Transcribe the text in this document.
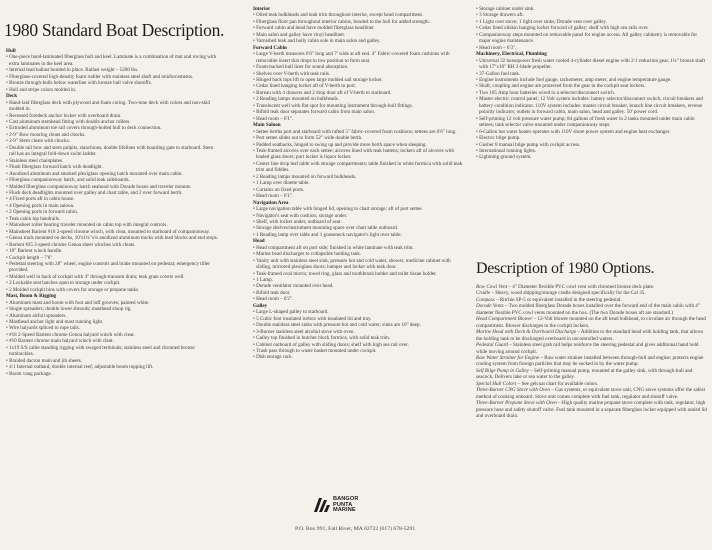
1980 Standard Boat Description.

Hull

• One-piece hand-laminated fiberglass hull and keel. Laminate is a combination of mat and roving with extra laminates in the keel area.

• Internal lead ballast bonded in place. Ballast weight – 5200 lbs.

• Fiberglass-covered high-density foam rudder with stainless steel shaft and reinforcements.

• Bronze through-hulls below waterline with bronze ball valve shutoffs.

• Hull and stripe colors molded in.

Deck

• Hand-laid fiberglass deck with plywood and foam coring. Two-tone deck with colors and non-skid molded in.

• Recessed foredeck anchor locker with overboard drain.

• Cast aluminum stemhead fitting with double anchor rollers.

• Extruded aluminum toe rail covers through-bolted hull to deck connection.

• 2-9" Bow mooring cleats and chocks.

• 2-9" Stern cleats with chocks.

• Double rail bow and stern pulpits, stanchions, double lifelines with boarding gate to starboard. Stern rail has an integral fold-down swim ladder.

• Stainless steel chainplates.

• Flush fiberglass forward hatch with deadlight.

• Anodized aluminum and smoked plexiglass opening hatch mounted over main cabin.

• Fiberglass companionway hatch, and solid teak sideboards.

• Molded fiberglass companionway hatch seahood with Dorade boxes and traveler mounts.

• Flush deck deadlights mounted over galley and chart table, and 2 over forward berth.

• 4 Fixed ports aft in cabin house.

• 4 Opening ports in main saloon.

• 2 Opening ports in forward cabin.

• Teak cabin top handrails.

• Mainsheet roller bearing traveler mounted on cabin top with integral controls.

• Mainsheet Barient #18 2-speed chrome winch, with cleat, mounted to starboard of companionway.

• Genoa track mounted on decks, 10'x1¼"x¼ anodized aluminum tracks with lead blocks and end stops.

• Barient #25 2-speed chrome Genoa sheet winches with cleats.

• 10" Barient winch handle.

• Cockpit length – 7'6".

• Pedestal steering with 28" wheel, engine controls and brake mounted on pedestal; emergency tiller provided.

• Molded well in back of cockpit with 4" through-transom drain; teak grate covers well.

• 2 Lockable seat hatches open to storage under cockpit.

• 2 Molded cockpit bins with covers for storage or propane tanks.

Mast, Boom & Rigging

• Aluminum mast and boom with foot and luff grooves; painted white.

• Single spreaders; double lower shrouds; masthead sloop rig.

• Aluminum airfoil spreaders.

• Masthead anchor light and mast running light.

• Wire halyards spliced to rope tails.

• #18 2-Speed Barient chrome Genoa halyard winch with cleat.

• #10 Barient chrome main halyard winch with cleat.

• 1x19 S/S cable standing rigging with swaged terminals; stainless steel and chromed bronze turnbuckles.

• Braided dacron main and jib sheets.

• 4:1 Internal outhaul; double internal reef; adjustable boom topping lift.

• Boom vang package.

Interior

• Oiled teak bulkheads and teak trim throughout interior, except head compartment.

• Fiberglass floor pan throughout interior cabins, bonded to the hull for added strength.

• Forward cabin and head have molded fiberglass headliner.

• Main salon and galley have vinyl headliner.

• Varnished teak and holly cabin sole in main salon and galley.

Forward Cabin

• Large V-berth measures 6'6" long and 7' wide at aft end. 4" Fabric-covered foam cushions with removable insert that drops to low position to form seat.

• Foam-backed hull liner for sound absorption.

• Shelves over V-berth with teak rails.

• Hinged back tops lift to open large molded sail storage locker.

• Cedar lined hanging locker aft of V-berth to port.

• Bureau with 4 drawers and 2 drop door aft of V-berth to starboard.

• 2 Reading lamps mounted on bulkheads.

• Translucent well with flat spot for mounting instrument through-hull fittings.

• Bifold teak door separates forward cabin from main salon.

• Head room – 6'1".

Main Saloon

• Settee berths port and starboard with tufted 5" fabric-covered foam cushions; settees are 6'6" long.

• Port settee slides out to form 52" wide double berth.

• Padded seatbacks, hinged to swing up and provide more berth space when sleeping.

• Teak-framed alcoves over each settee; alcoves lined with teak battens; lockers aft of alcoves with leaded glass doors; port locker is liquor locker.

• Center line drop leaf table with storage compartments; table finished in white formica with solid teak trim and fiddles.

• 2 Reading lamps mounted on forward bulkheads.

• 1 Lamp over dinette table.

• Curtains on fixed ports.

• Head room – 6'1".

Navigation Area

• Large navigation table with hinged lid, opening to chart storage; aft of port settee.

• Navigator's seat with cushion; storage under.

• Shelf, with locker under, outboard of seat.

• Storage shelves/instrument mounting space over chart table outboard.

• 1 Reading lamp over table and 1 gooseneck navigator's light over table.

Head

• Head compartment aft on port side; finished in white laminate with teak trim.

• Marine head discharges to collapsible holding tank.

• Vanity unit with stainless steel sink, pressure hot and cold water, shower, medicine cabinet with sliding, mirrored plexiglass doors; hamper and locker with teak door.

• Teak-framed oval mirror, towel ring, glass and toothbrush holder and toilet tissue holder.

• 1 Lamp.

• Dorade ventilator mounted over head.

• Bifold teak door.

• Head room – 6'2".

Galley

• Large L-shaped galley to starboard.

• 5 Cubic foot insulated icebox with insulated lid and tray.

• Double stainless steel sinks with pressure hot and cold water; sinks are 10" deep.

• 3-Burner stainless steel alcohol stove with oven.

• Galley top finished in butcher block formica, with solid teak trim.

• Cabinet outboard of galley with sliding doors; shelf with high sea rail over.

• Trash pass through to waste basket mounted under cockpit.

• Dish storage rack.

• Storage cabinet under sink.

• 3 Storage drawers aft.

• 1 Light over stove; 1 light over sinks; Dorade vent over galley.

• Cedar lined oilskin hanging locker forward of galley; shelf with high sea rails over.

• Companionway steps mounted on removable panel for engine access. All galley cabinetry is removable for major engine maintenance.

• Head room – 6'3".

Machinery, Electrical, Plumbing

• Universal 32 horsepower fresh water cooled 4-cylinder diesel engine with 2:1 reduction gear, 1¼" bronze shaft with 17"x10" RH 2-blade propeller.

• 37-Gallon fuel tank.

• Engine instruments include fuel gauge, tachometer, amp meter, and engine temperature gauge.

• Shaft, coupling and engine are protected from the gear in the cockpit seat lockers.

• Two 105 Amp hour batteries wired to a selector/disconnect switch.

• Master electric control panel; 12 Volt system includes: battery selector/disconnect switch, circuit breakers and battery condition indicator. 110V system includes: master circuit breaker, branch line circuit breakers, reverse polarity indicator, outlets in forward cabin, main salon, head and galley. 50' power cord.

• Self-priming 12 volt pressure water pump; 84 gallons of fresh water in 2 tanks mounted under main cabin settees; tank selector valve mounted under companionway steps.

• 6-Gallon hot water heater operates with 110V shore power system and engine heat exchanger.

• Electric bilge pump.

• Gusher 8 manual bilge pump with cockpit access.

• International running lights.

• Lightning ground system.

Description of 1980 Options.

Bow Cowl Vent – 4" Diameter flexible PVC cowl vent with chromed bronze deck plate.

Cradle – Heavy, wood shipping/storage cradle designed specifically for the Cal 35.

Compass – Ritchie SP-5 or equivalent installed in the steering pedestal.

Dorade Vents – Two molded fiberglass Dorade boxes installed over the forward end of the main cabin with 4" diameter flexible PVC cowl vents mounted on the box. (The two Dorade boxes aft are standard.)

Head Compartment Blower – 12-Volt blower mounted on the aft head bulkhead, to circulate air through the head compartment. Blower discharges to the cockpit lockers.

Marine Head with Deck & Overboard Discharge – Addition to the standard head with holding tank, that allows the holding tank to be discharged overboard in uncontrolled waters.

Pedestal Guard – Stainless steel grab rail helps reinforce the steering pedestal and gives additional hand hold while moving around cockpit.

Raw Water Strainer for Engine – Raw water strainer installed between through-hull and engine; protects engine cooling system from foreign particles that may be sucked in by the water pump.

Self Bilge Pump in Galley – Self-priming manual pump, mounted at the galley sink, with through-hull and seacock. Delivers lake or sea water to the galley.

Special Hull Colors – See gelcoat chart for available colors.

Three-Burner CNG Stove with Oven – Gas systems, or equivalent stove unit, CNG stove systems offer the safest method of cooking onboard. Stove unit comes complete with fuel tank, regulator and shutoff valve.

Three-Burner Propane Stove with Oven – High quality marine propane stove complete with tank, regulator, high pressure hose and safety shutoff valve. Fuel tank mounted in a separate fiberglass locker equipped with sealed lid and overboard drain.

BANGOR
PUNTA
MARINE
P.O. Box 991, Fall River, MA 02722 (617) 678-5291
